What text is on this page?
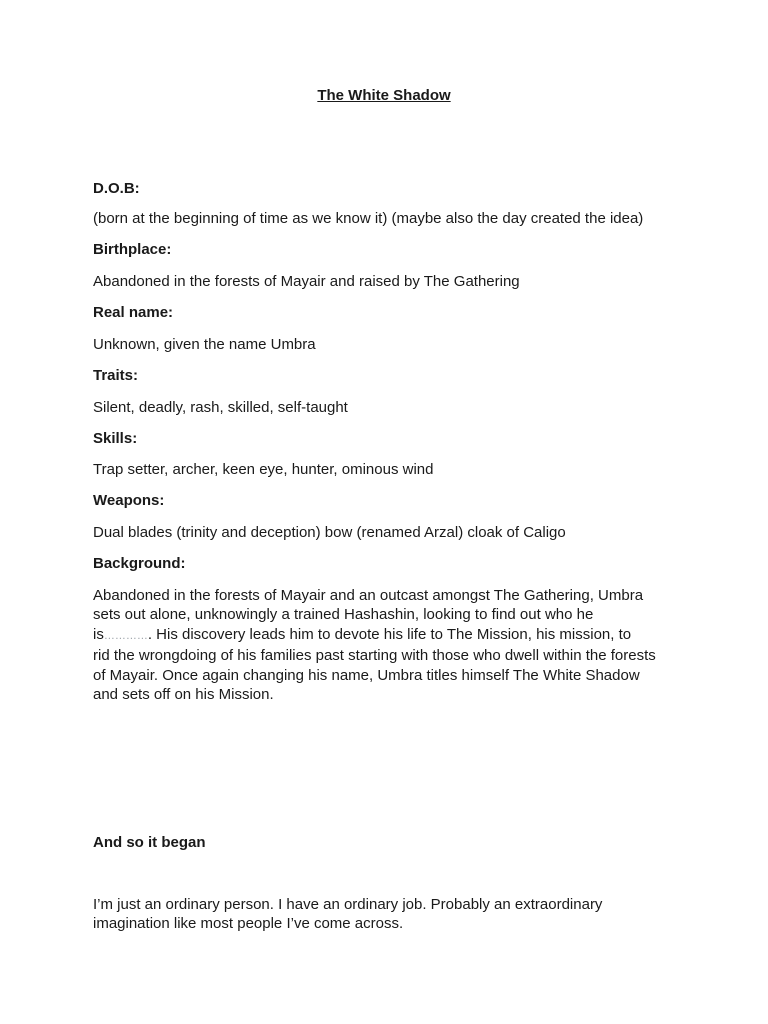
The White Shadow
D.O.B:
(born at the beginning of time as we know it) (maybe also the day created the idea)
Birthplace:
Abandoned in the forests of Mayair and raised by The Gathering
Real name:
Unknown, given the name Umbra
Traits:
Silent, deadly, rash, skilled, self-taught
Skills:
Trap setter, archer, keen eye, hunter, ominous wind
Weapons:
Dual blades (trinity and deception) bow (renamed Arzal) cloak of Caligo
Background:
Abandoned in the forests of Mayair and an outcast amongst The Gathering, Umbra
sets out alone, unknowingly a trained Hashashin, looking to find out who he
is…………. His discovery leads him to devote his life to The Mission, his mission, to
rid the wrongdoing of his families past starting with those who dwell within the forests
of Mayair. Once again changing his name, Umbra titles himself The White Shadow
and sets off on his Mission.
And so it began
I’m just an ordinary person. I have an ordinary job. Probably an extraordinary
imagination like most people I’ve come across.
